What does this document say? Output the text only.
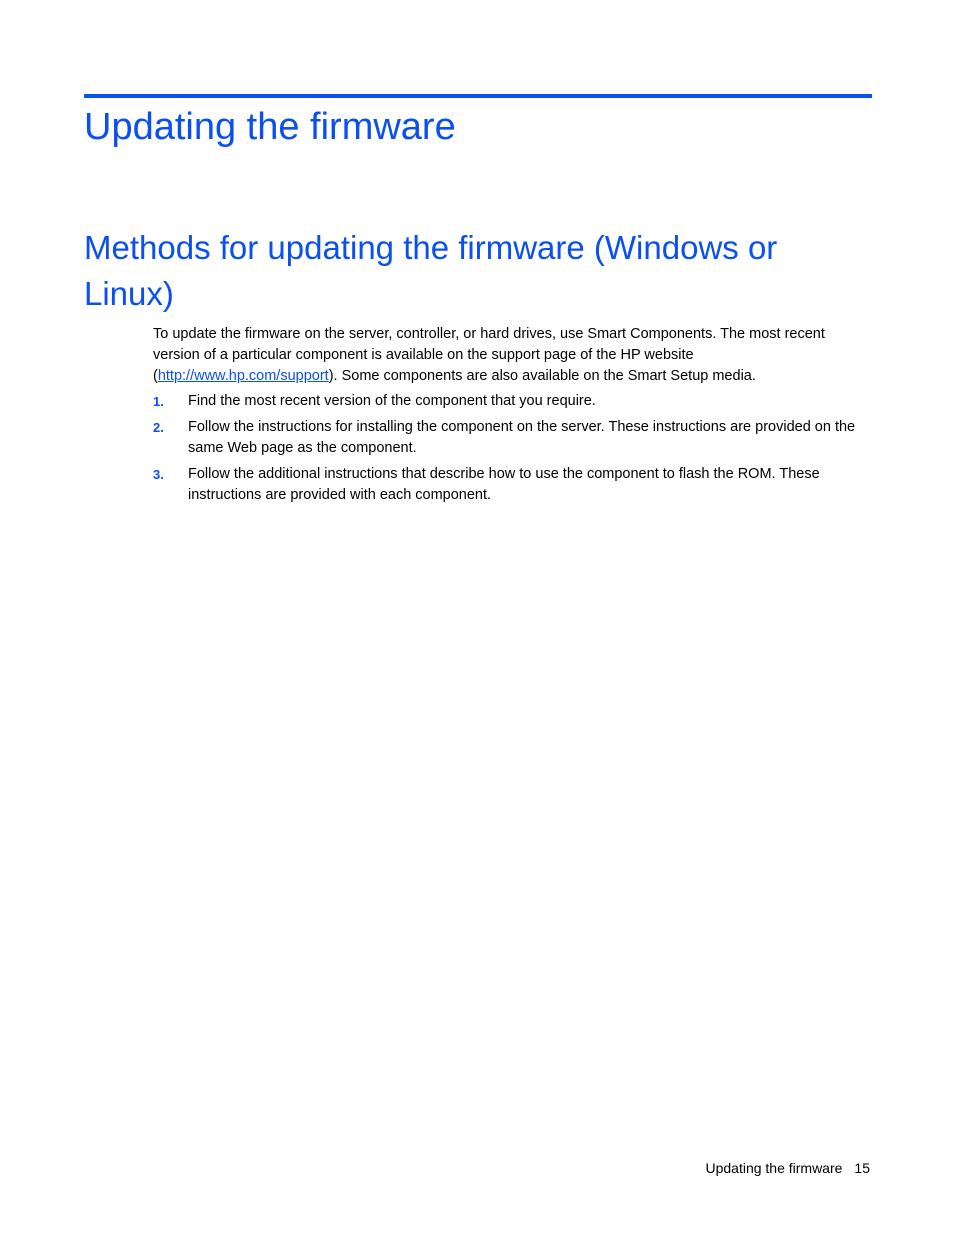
Updating the firmware
Methods for updating the firmware (Windows or Linux)

To update the firmware on the server, controller, or hard drives, use Smart Components. The most recent version of a particular component is available on the support page of the HP website (http://www.hp.com/support). Some components are also available on the Smart Setup media.

1. Find the most recent version of the component that you require.
2. Follow the instructions for installing the component on the server. These instructions are provided on the same Web page as the component.
3. Follow the additional instructions that describe how to use the component to flash the ROM. These instructions are provided with each component.
Updating the firmware 15
